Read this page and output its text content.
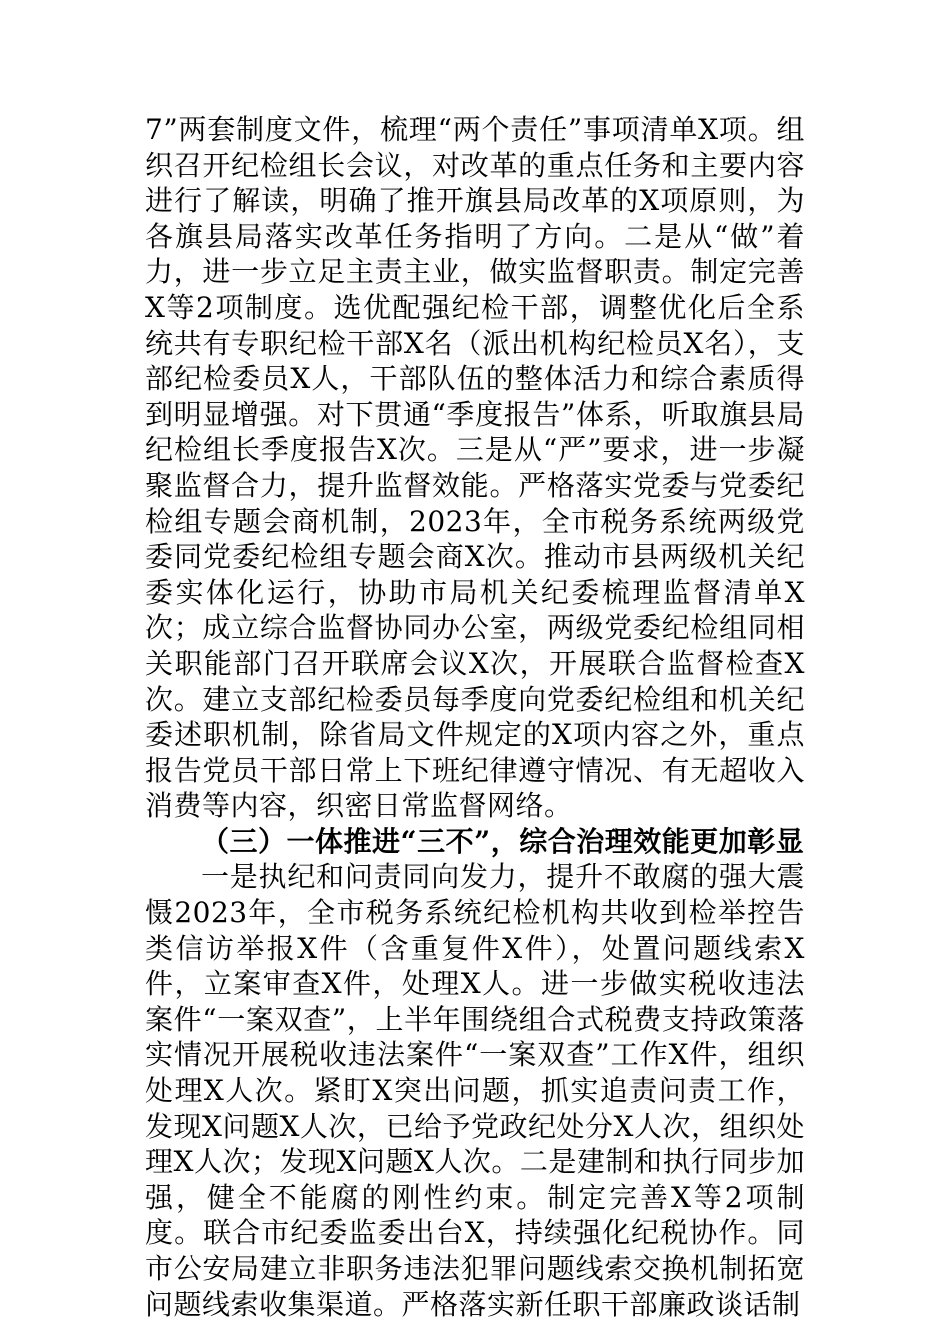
7”两套制度文件，梳理“两个责任”事项清单X项。组织召开纪检组长会议，对改革的重点任务和主要内容进行了解读，明确了推开旗县局改革的X项原则，为各旗县局落实改革任务指明了方向。二是从“做”着力，进一步立足主责主业，做实监督职责。制定完善X等2项制度。选优配强纪检干部，调整优化后全系统共有专职纪检干部X名（派出机构纪检员X名），支部纪检委员X人，干部队伍的整体活力和综合素质得到明显增强。对下贯通“季度报告”体系，听取旗县局纪检组长季度报告X次。三是从“严”要求，进一步凝聚监督合力，提升监督效能。严格落实党委与党委纪检组专题会商机制，2023年，全市税务系统两级党委同党委纪检组专题会商X次。推动市县两级机关纪委实体化运行，协助市局机关纪委梳理监督清单X次；成立综合监督协同办公室，两级党委纪检组同相关职能部门召开联席会议X次，开展联合监督检查X次。建立支部纪检委员每季度向党委纪检组和机关纪委述职机制，除省局文件规定的X项内容之外，重点报告党员干部日常上下班纪律遵守情况、有无超收入消费等内容，织密日常监督网络。

（三）一体推进“三不”，综合治理效能更加彰显

一是执纪和问责同向发力，提升不敢腐的强大震慑2023年，全市税务系统纪检机构共收到检举控告类信访举报X件（含重复件X件），处置问题线索X件，立案审查X件，处理X人。进一步做实税收违法案件“一案双查”，上半年围绕组合式税费支持政策落实情况开展税收违法案件“一案双查”工作X件，组织处理X人次。紧盯X突出问题，抓实追责问责工作，发现X问题X人次，已给予党政纪处分X人次，组织处理X人次；发现X问题X人次。二是建制和执行同步加强，健全不能腐的刚性约束。制定完善X等2项制度。联合市纪委监委出台X，持续强化纪税协作。同市公安局建立非职务违法犯罪问题线索交换机制拓宽问题线索收集渠道。严格落实新任职干部廉政谈话制
